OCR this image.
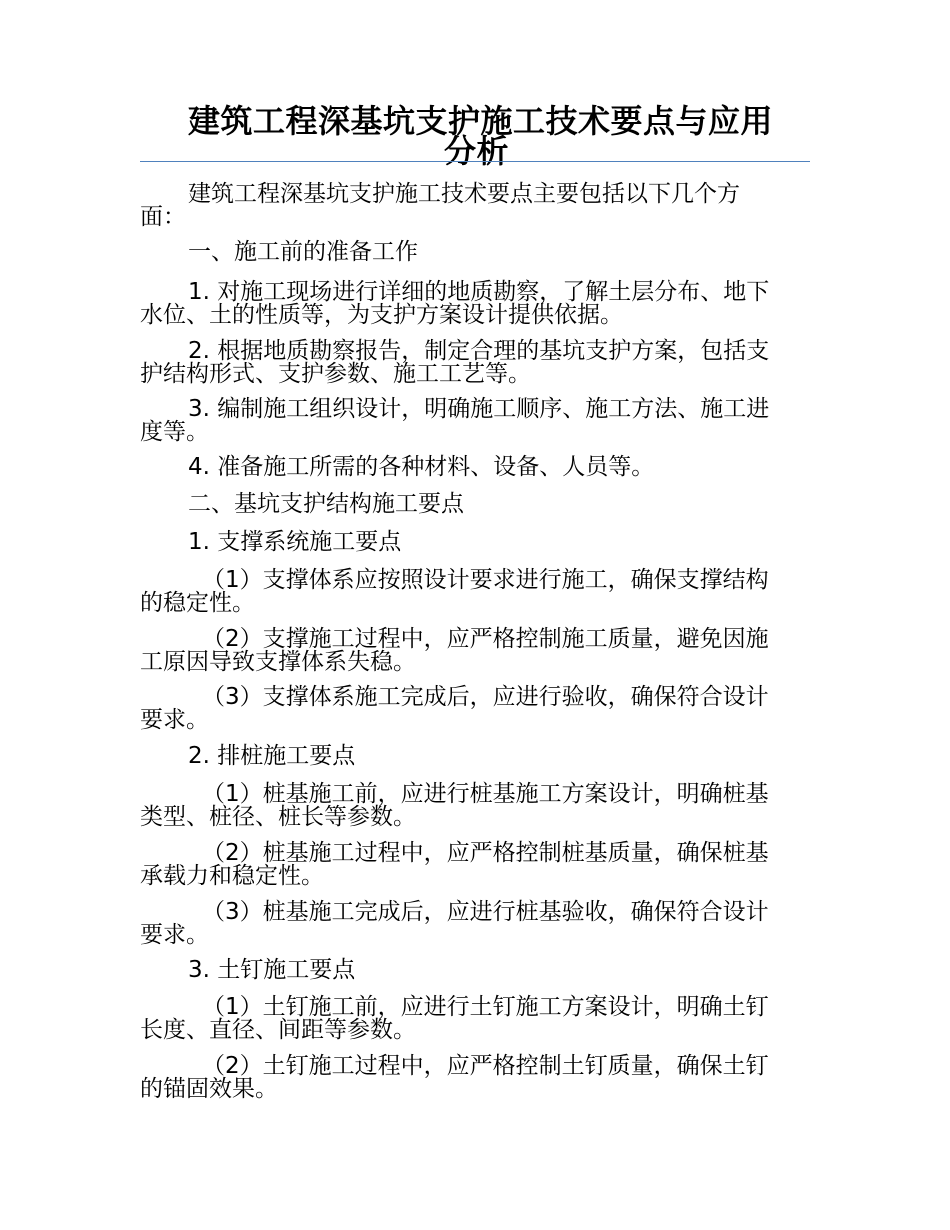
建筑工程深基坑支护施工技术要点与应用
分析
建筑工程深基坑支护施工技术要点主要包括以下几个方
面：
一、施工前的准备工作
1. 对施工现场进行详细的地质勘察，了解土层分布、地下
水位、土的性质等，为支护方案设计提供依据。
2. 根据地质勘察报告，制定合理的基坑支护方案，包括支
护结构形式、支护参数、施工工艺等。
3. 编制施工组织设计，明确施工顺序、施工方法、施工进
度等。
4. 准备施工所需的各种材料、设备、人员等。
二、基坑支护结构施工要点
1. 支撑系统施工要点
（1）支撑体系应按照设计要求进行施工，确保支撑结构
的稳定性。
（2）支撑施工过程中，应严格控制施工质量，避免因施
工原因导致支撑体系失稳。
（3）支撑体系施工完成后，应进行验收，确保符合设计
要求。
2. 排桩施工要点
（1）桩基施工前，应进行桩基施工方案设计，明确桩基
类型、桩径、桩长等参数。
（2）桩基施工过程中，应严格控制桩基质量，确保桩基
承载力和稳定性。
（3）桩基施工完成后，应进行桩基验收，确保符合设计
要求。
3. 土钉施工要点
（1）土钉施工前，应进行土钉施工方案设计，明确土钉
长度、直径、间距等参数。
（2）土钉施工过程中，应严格控制土钉质量，确保土钉
的锚固效果。
